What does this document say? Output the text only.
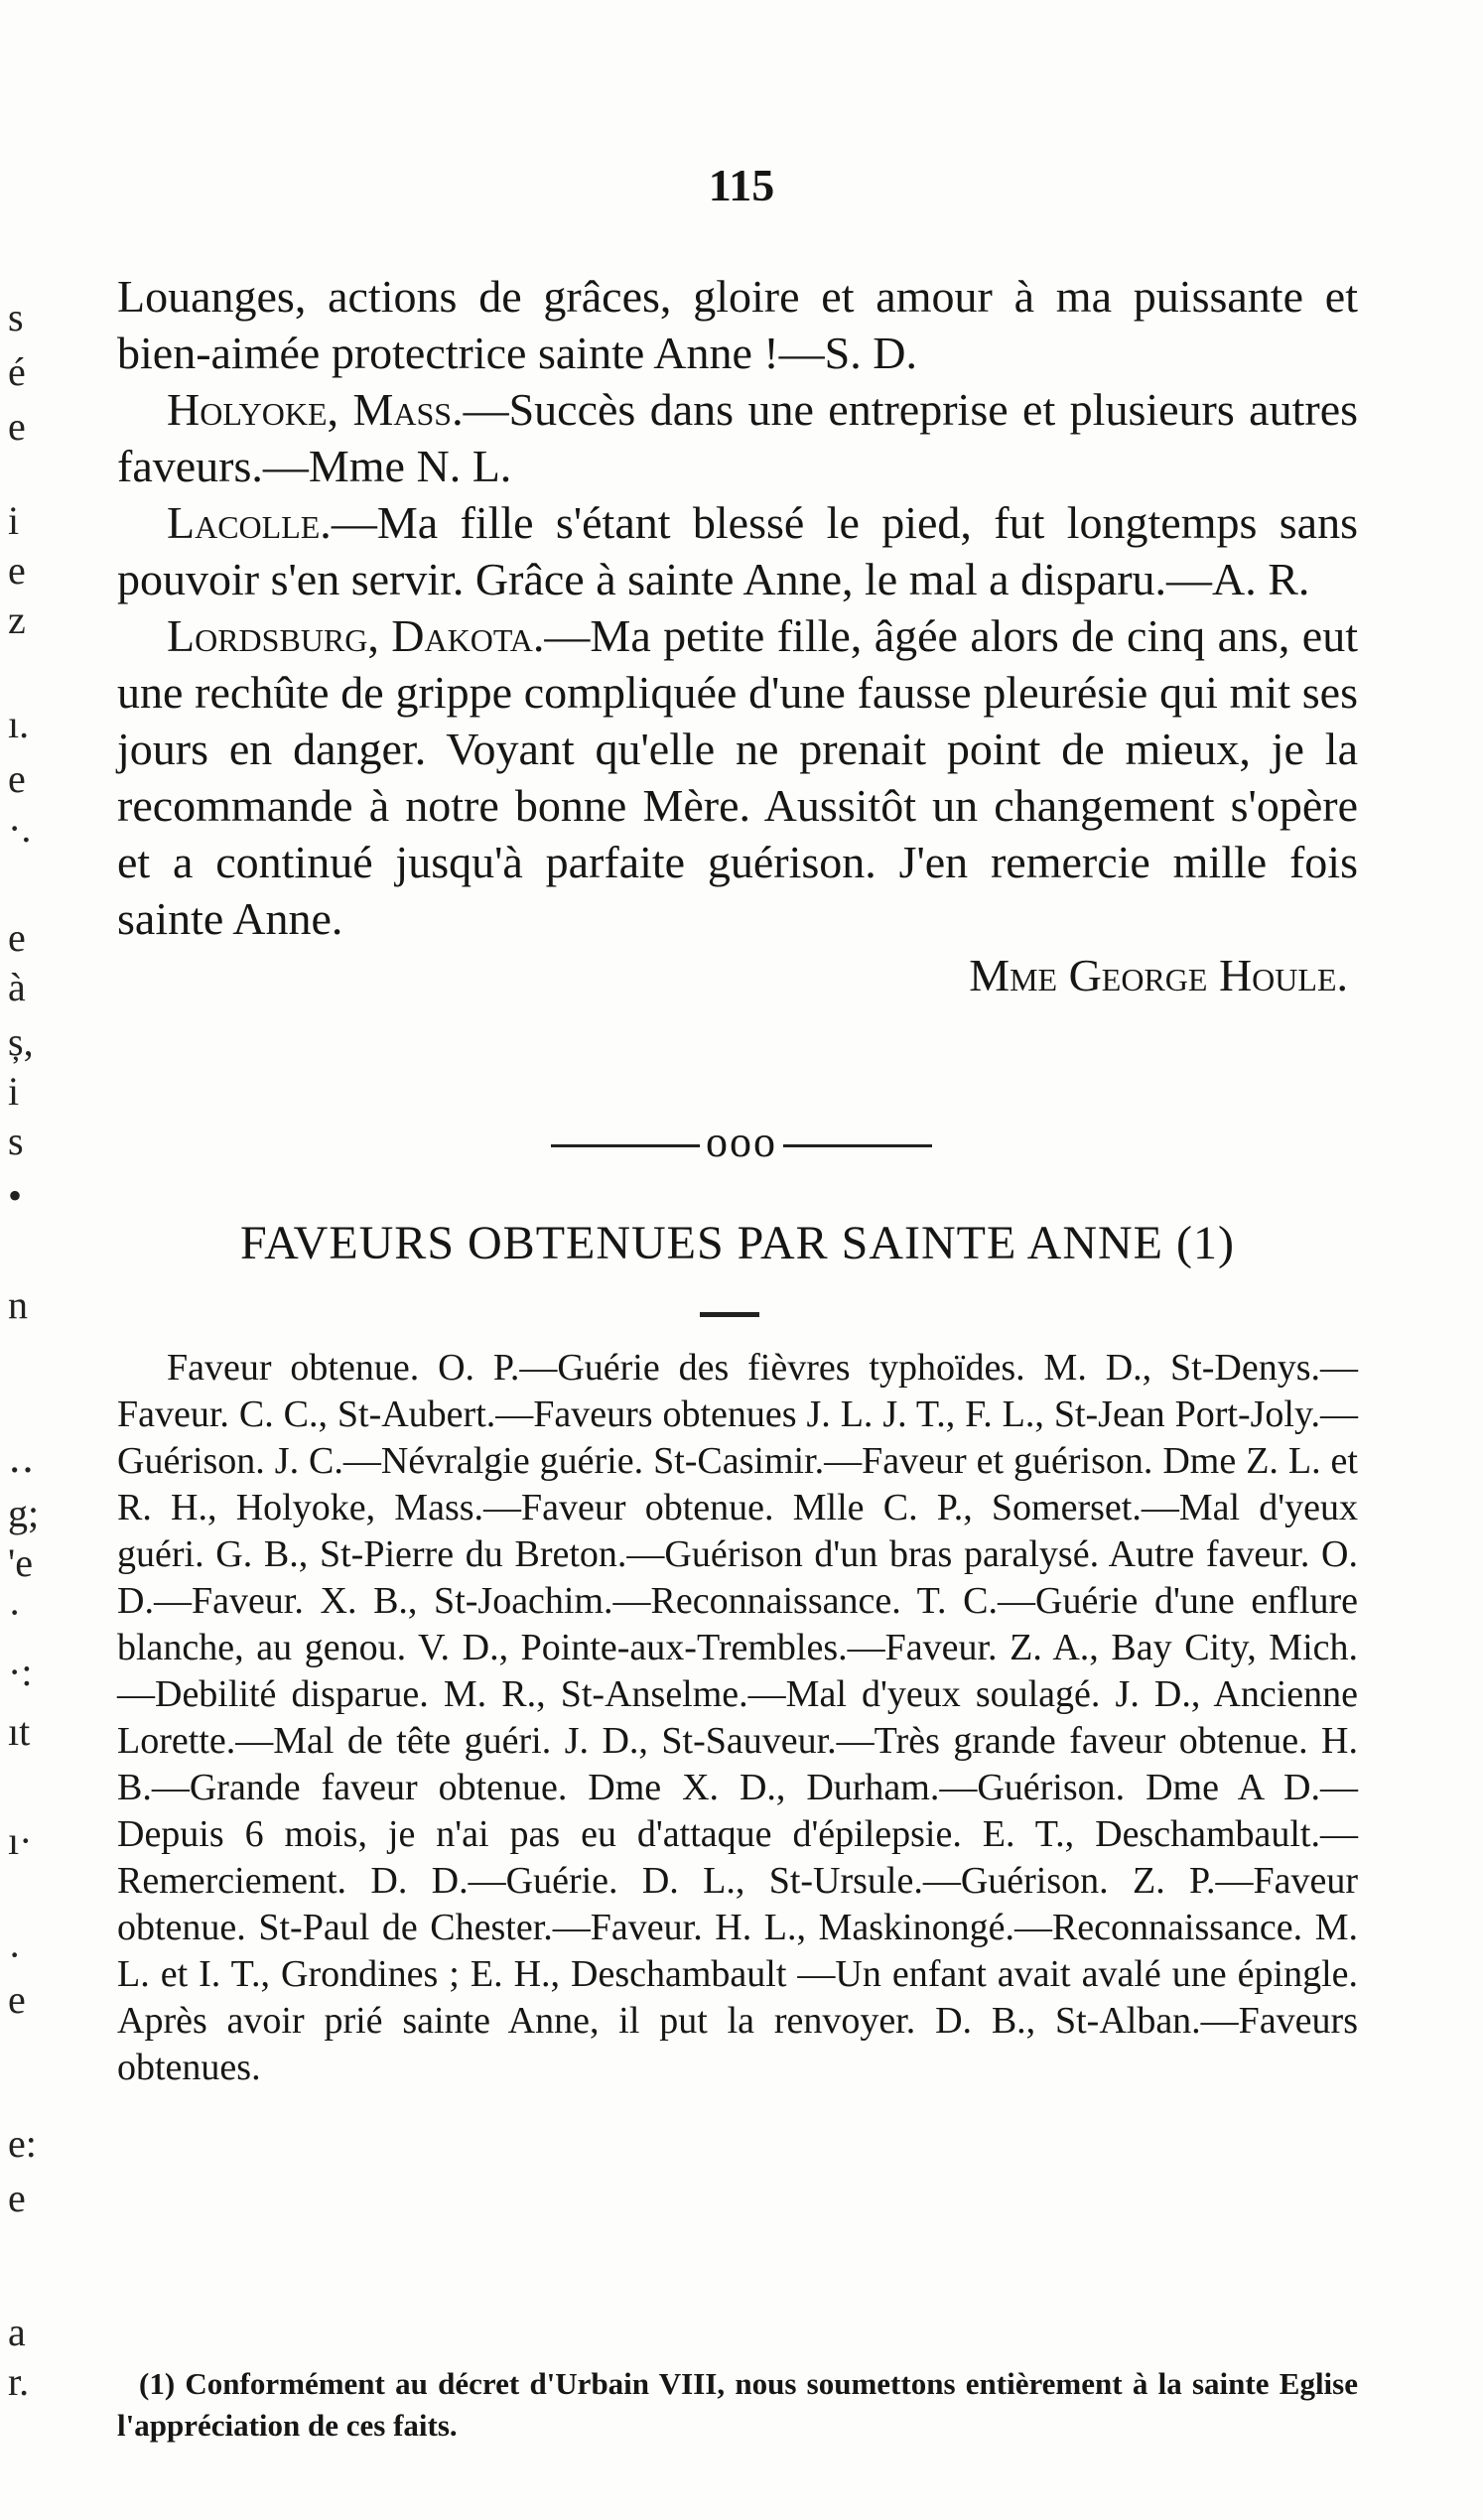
115
s
é
e
i
e
z
ı.
e
·.
e
à
ș,
i
s
•
n
‥
g;
'e
·
·:
ıt
ı·
·
e
e:
e
a
r.

Louanges, actions de grâces, gloire et amour à ma puissante et bien-aimée protectrice sainte Anne !—S. D.

Holyoke, Mass.—Succès dans une entreprise et plusieurs autres faveurs.—Mme N. L.

Lacolle.—Ma fille s'étant blessé le pied, fut longtemps sans pouvoir s'en servir. Grâce à sainte Anne, le mal a disparu.—A. R.

Lordsburg, Dakota.—Ma petite fille, âgée alors de cinq ans, eut une rechûte de grippe compliquée d'une fausse pleurésie qui mit ses jours en danger. Voyant qu'elle ne prenait point de mieux, je la recommande à notre bonne Mère. Aussitôt un changement s'opère et a continué jusqu'à parfaite guérison. J'en remercie mille fois sainte Anne.

Mme George Houle.

ooo
FAVEURS OBTENUES PAR SAINTE ANNE (1)

Faveur obtenue. O. P.—Guérie des fièvres typhoïdes. M. D., St-Denys.—Faveur. C. C., St-Aubert.—Faveurs obtenues J. L. J. T., F. L., St-Jean Port-Joly.—Guérison. J. C.—Névralgie guérie. St-Casimir.—Faveur et guérison. Dme Z. L. et R. H., Holyoke, Mass.—Faveur obtenue. Mlle C. P., Somerset.—Mal d'yeux guéri. G. B., St-Pierre du Breton.—Guérison d'un bras paralysé. Autre faveur. O. D.—Faveur. X. B., St-Joachim.—Reconnaissance. T. C.—Guérie d'une enflure blanche, au genou. V. D., Pointe-aux-Trembles.—Faveur. Z. A., Bay City, Mich.—Debilité disparue. M. R., St-Anselme.—Mal d'yeux soulagé. J. D., Ancienne Lorette.—Mal de tête guéri. J. D., St-Sauveur.—Très grande faveur obtenue. H. B.—Grande faveur obtenue. Dme X. D., Durham.—Guérison. Dme A D.—Depuis 6 mois, je n'ai pas eu d'attaque d'épilepsie. E. T., Deschambault.—Remerciement. D. D.—Guérie. D. L., St-Ursule.—Guérison. Z. P.—Faveur obtenue. St-Paul de Chester.—Faveur. H. L., Maskinongé.—Reconnaissance. M. L. et I. T., Grondines ; E. H., Deschambault —Un enfant avait avalé une épingle. Après avoir prié sainte Anne, il put la renvoyer. D. B., St-Alban.—Faveurs obtenues.

(1) Conformément au décret d'Urbain VIII, nous soumettons entièrement à la sainte Eglise l'appréciation de ces faits.
